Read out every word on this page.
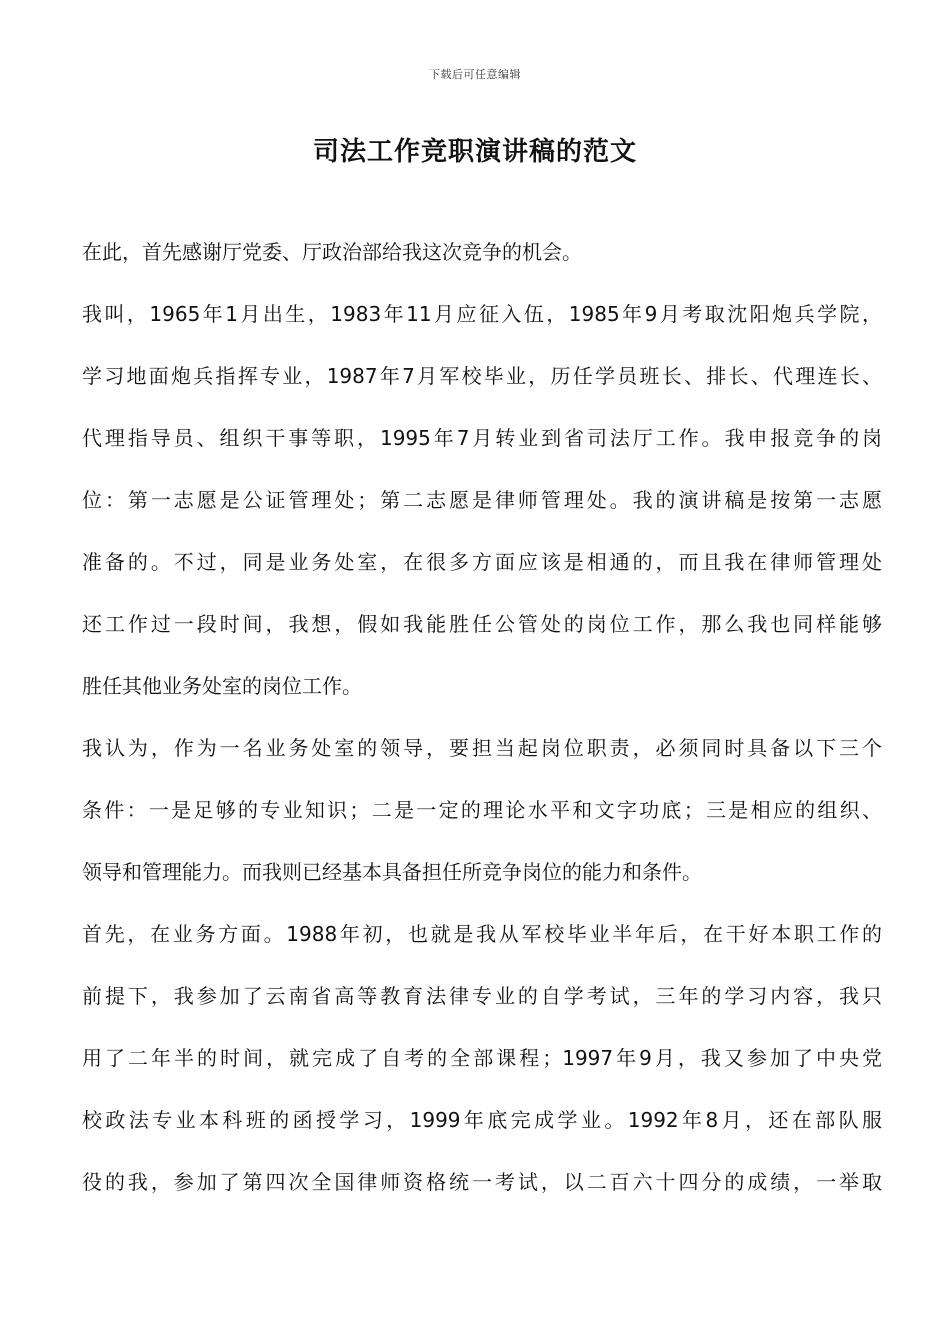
下载后可任意编辑
司法工作竞职演讲稿的范文
在此，首先感谢厅党委、厅政治部给我这次竞争的机会。
我叫，1965年1月出生，1983年11月应征入伍，1985年9月考取沈阳炮兵学院，
学习地面炮兵指挥专业，1987年7月军校毕业，历任学员班长、排长、代理连长、
代理指导员、组织干事等职，1995年7月转业到省司法厅工作。我申报竞争的岗
位：第一志愿是公证管理处；第二志愿是律师管理处。我的演讲稿是按第一志愿
准备的。不过，同是业务处室，在很多方面应该是相通的，而且我在律师管理处
还工作过一段时间，我想，假如我能胜任公管处的岗位工作，那么我也同样能够
胜任其他业务处室的岗位工作。
我认为，作为一名业务处室的领导，要担当起岗位职责，必须同时具备以下三个
条件：一是足够的专业知识；二是一定的理论水平和文字功底；三是相应的组织、
领导和管理能力。而我则已经基本具备担任所竞争岗位的能力和条件。
首先，在业务方面。1988年初，也就是我从军校毕业半年后，在干好本职工作的
前提下，我参加了云南省高等教育法律专业的自学考试，三年的学习内容，我只
用了二年半的时间，就完成了自考的全部课程；1997年9月，我又参加了中央党
校政法专业本科班的函授学习，1999年底完成学业。1992年8月，还在部队服
役的我，参加了第四次全国律师资格统一考试，以二百六十四分的成绩，一举取
